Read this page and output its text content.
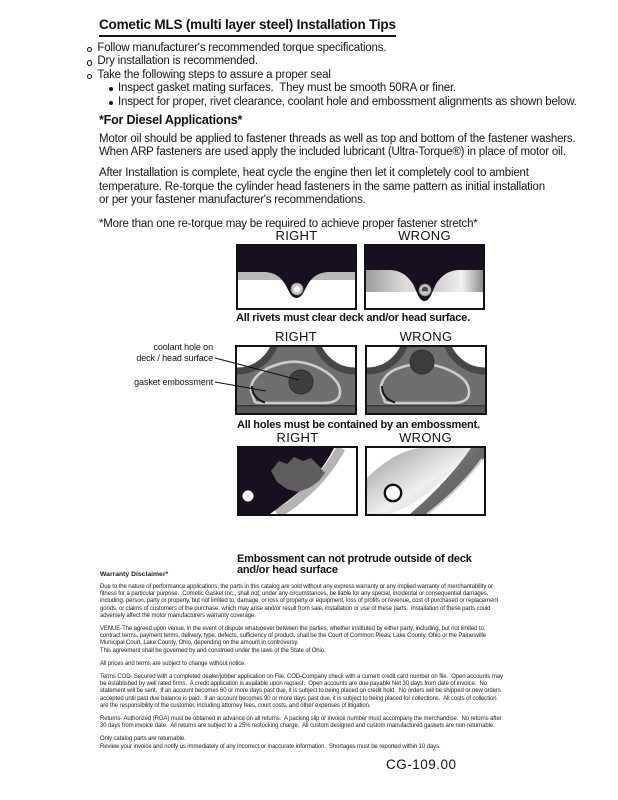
Cometic MLS (multi layer steel) Installation Tips
Follow manufacturer's recommended torque specifications.
Dry installation is recommended.
Take the following steps to assure a proper seal
Inspect gasket mating surfaces.  They must be smooth 50RA or finer.
Inspect for proper, rivet clearance, coolant hole and embossment alignments as shown below.
*For Diesel Applications*
Motor oil should be applied to fastener threads as well as top and bottom of the fastener washers.
When ARP fasteners are used apply the included lubricant (Ultra-Torque®) in place of motor oil.
After Installation is complete, heat cycle the engine then let it completely cool to ambient
temperature. Re-torque the cylinder head fasteners in the same pattern as initial installation
or per your fastener manufacturer's recommendations.
*More than one re-torque may be required to achieve proper fastener stretch*
RIGHT	WRONG
All rivets must clear deck and/or head surface.
coolant hole on
deck / head surface
gasket embossment
RIGHT	WRONG
All holes must be contained by an embossment.
RIGHT	WRONG

Embossment can not protrude outside of deck
and/or head surface
Warranty Disclaimer*
Due to the nature of performance applications, the parts in this catalog are sold without any express warranty or any implied warranty of merchantability or
fitness for a particular purpose.  Cometic Gasket Inc., shall not, under any circumstances, be liable for any special, incidental or consequential damages,
including, person, party or property, but not limited to, damage, or loss of property or equipment, loss of profits or revenue, cost of purchased or replacement
goods, or claims of customers of the purchase, which may arise and/or result from sale, installation or use of these parts.  Installation of these parts could
adversely affect the motor manufacturers warranty coverage.
VENUE-The agreed upon venue, in the event of dispute whatsoever between the parties, whether instituted by either party, including, but not limited to,
contract terms, payment terms, delivery, type, defects, sufficiency of product, shall be the Court of Common Pleas, Lake County, Ohio or the Painesville
Municipal Court, Lake County, Ohio, depending on the amount in controversy.
This agreement shall be governed by and construed under the laws of the State of Ohio.
All prices and terms are subject to change without notice.
Terms COD- Secured with a completed dealer/jobber application on File, COD-Company check with a current credit card number on file.  Open accounts may
be established by well rated firms.  A credit application is available upon request.  Open accounts are due payable Net 30 days from date of invoice.  No
statement will be sent.  If an account becomes 60 or more days past due, it is subject to being placed on credit hold.  No orders will be shipped or new orders
accepted until past due balance is paid.  If an account becomes 90 or more days past due, it is subject to being placed for collections.  All costs of collection
are the responsibility of the customer, including attorney fees, court costs, and other expenses of litigation.
Returns- Authorized (RGA) must be obtained in advance on all returns.  A packing slip or invoice number must accompany the merchandise.  No returns after
30 days from invoice date.  All returns are subject to a 25% restocking charge.  All custom designed and custom manufactured gaskets are non-returnable.
Only catalog parts are returnable.
Review your invoice and notify us immediately of any incorrect or inaccurate information.  Shortages must be reported within 10 days.
CG-109.00
